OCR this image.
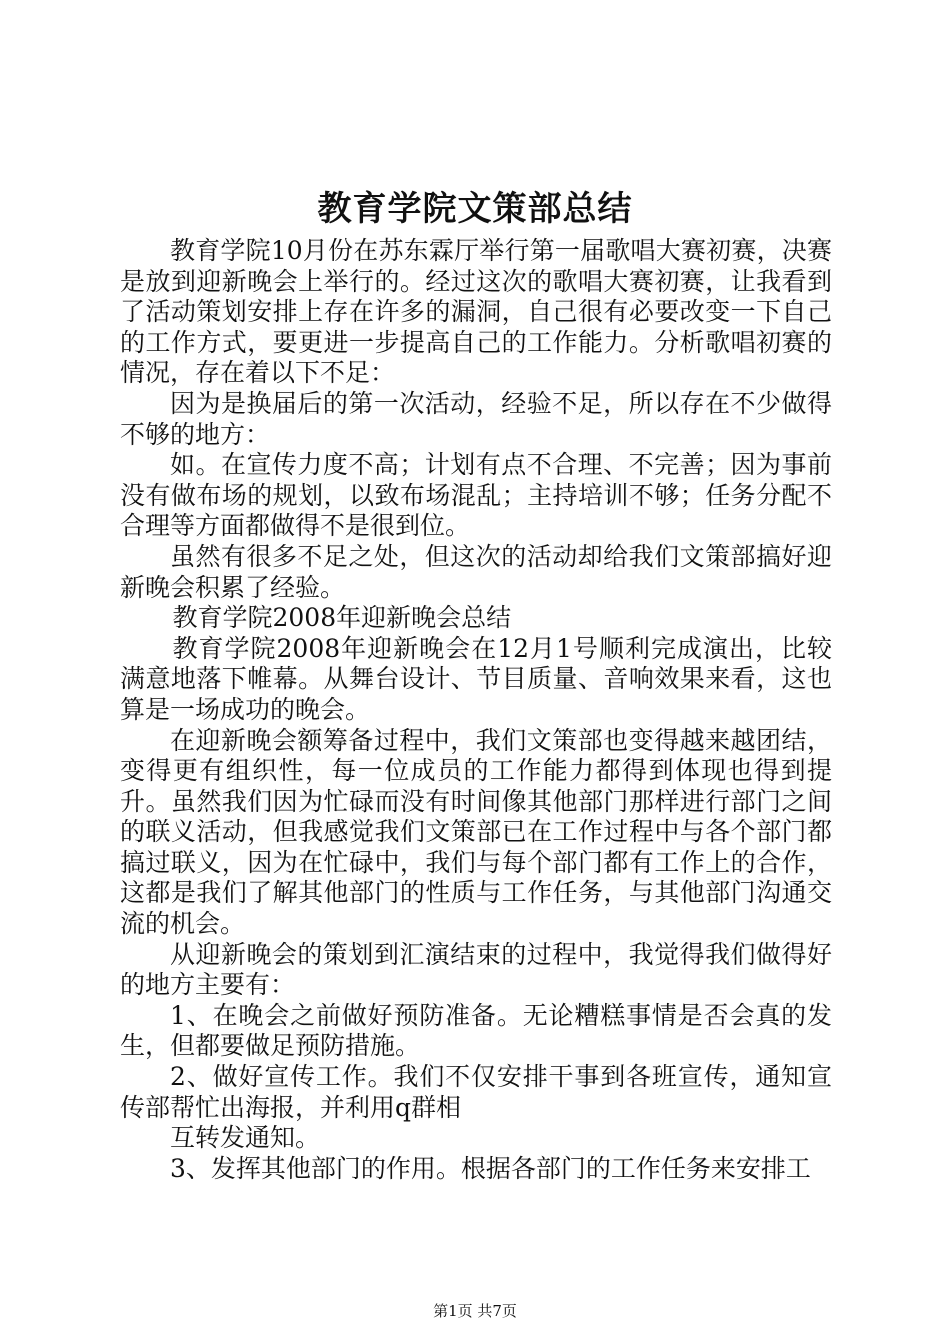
教育学院文策部总结

教育学院10月份在苏东霖厅举行第一届歌唱大赛初赛，决赛是放到迎新晚会上举行的。经过这次的歌唱大赛初赛，让我看到了活动策划安排上存在许多的漏洞，自己很有必要改变一下自己的工作方式，要更进一步提高自己的工作能力。分析歌唱初赛的情况，存在着以下不足：

因为是换届后的第一次活动，经验不足，所以存在不少做得不够的地方：

如。在宣传力度不高；计划有点不合理、不完善；因为事前没有做布场的规划，以致布场混乱；主持培训不够；任务分配不合理等方面都做得不是很到位。

虽然有很多不足之处，但这次的活动却给我们文策部搞好迎新晚会积累了经验。

教育学院2008年迎新晚会总结

教育学院2008年迎新晚会在12月1号顺利完成演出，比较满意地落下帷幕。从舞台设计、节目质量、音响效果来看，这也算是一场成功的晚会。

在迎新晚会额筹备过程中，我们文策部也变得越来越团结，变得更有组织性，每一位成员的工作能力都得到体现也得到提升。虽然我们因为忙碌而没有时间像其他部门那样进行部门之间的联义活动，但我感觉我们文策部已在工作过程中与各个部门都搞过联义，因为在忙碌中，我们与每个部门都有工作上的合作，这都是我们了解其他部门的性质与工作任务，与其他部门沟通交流的机会。

从迎新晚会的策划到汇演结束的过程中，我觉得我们做得好的地方主要有：

1、在晚会之前做好预防准备。无论糟糕事情是否会真的发生，但都要做足预防措施。

2、做好宣传工作。我们不仅安排干事到各班宣传，通知宣传部帮忙出海报，并利用q群相

互转发通知。

3、发挥其他部门的作用。根据各部门的工作任务来安排工

第1页 共7页
